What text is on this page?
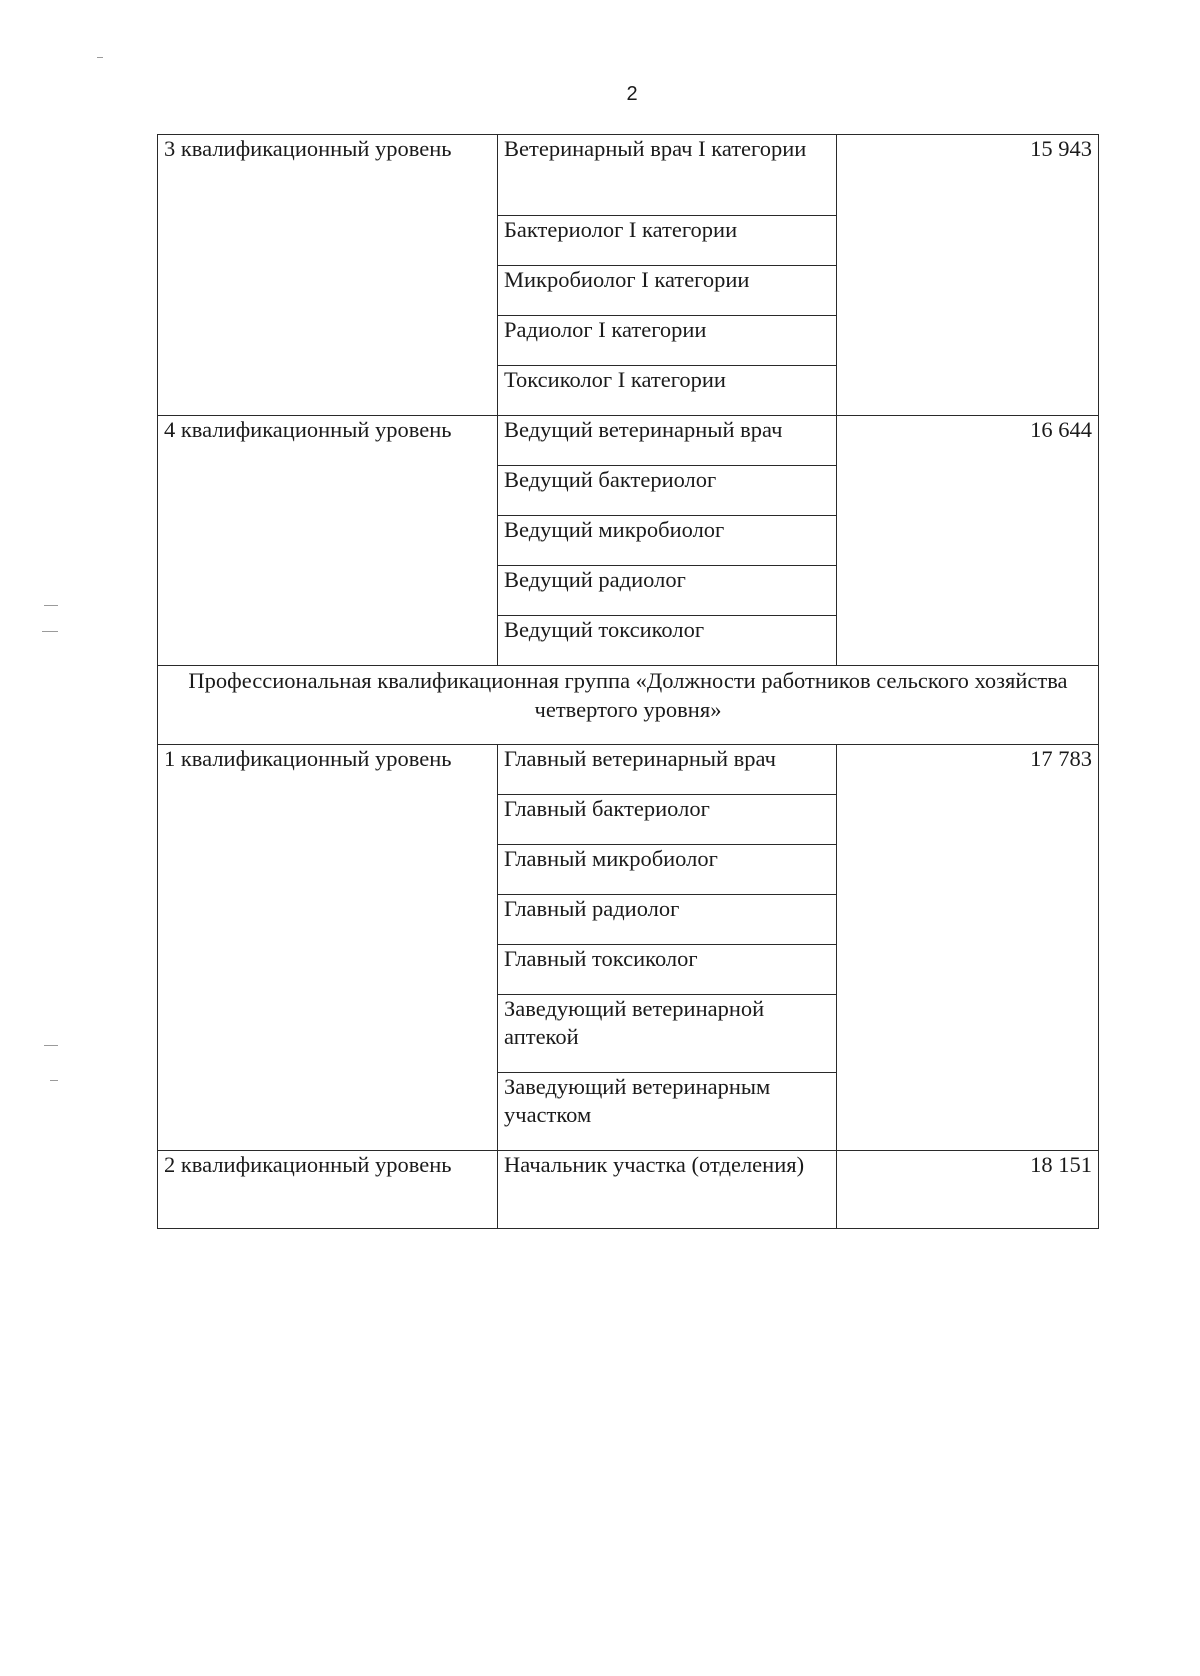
2
3 квалификационный уровень	Ветеринарный врач I категории	15 943
	Бактериолог I категории	
	Микробиолог I категории	
	Радиолог I категории	
	Токсиколог I категории	
4 квалификационный уровень	Ведущий ветеринарный врач	16 644
	Ведущий бактериолог	
	Ведущий микробиолог	
	Ведущий радиолог	
	Ведущий токсиколог	
Профессиональная квалификационная группа «Должности работников сельского хозяйства четвертого уровня»		
1 квалификационный уровень	Главный ветеринарный врач	17 783
	Главный бактериолог	
	Главный микробиолог	
	Главный радиолог	
	Главный токсиколог	
	Заведующий ветеринарной аптекой	
	Заведующий ветеринарным участком	
2 квалификационный уровень	Начальник участка (отделения)	18 151
